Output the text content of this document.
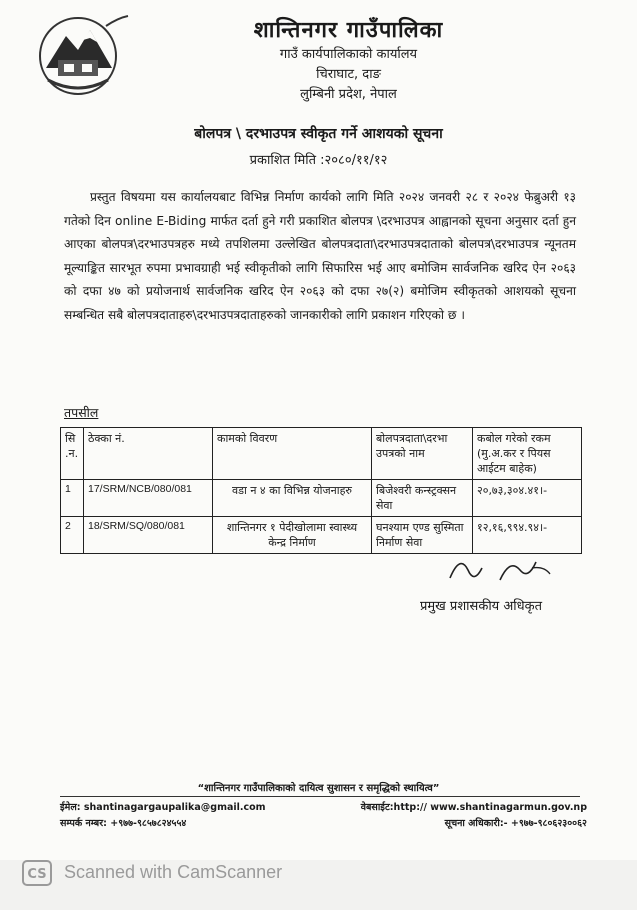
शान्तिनगर गाउँपालिका
गाउँ कार्यपालिकाको कार्यालय
चिराघाट, दाङ
लुम्बिनी प्रदेश, नेपाल
बोलपत्र \ दरभाउपत्र स्वीकृत गर्ने आशयको सूचना
प्रकाशित मिति :२०८०/११/१२
प्रस्तुत विषयमा यस कार्यालयबाट विभिन्न निर्माण कार्यको लागि मिति २०२४ जनवरी २८ र २०२४ फेब्रुअरी १३ गतेको दिन online E-Biding मार्फत दर्ता हुने गरी प्रकाशित बोलपत्र \दरभाउपत्र आह्वानको सूचना अनुसार दर्ता हुन आएका बोलपत्र\दरभाउपत्रहरु मध्ये तपशिलमा उल्लेखित बोलपत्रदाता\दरभाउपत्रदाताको बोलपत्र\दरभाउपत्र न्यूनतम मूल्याङ्कित सारभूत रुपमा प्रभावग्राही भई स्वीकृतीको लागि सिफारिस भई आए बमोजिम सार्वजनिक खरिद ऐन २०६३ को दफा ४७ को प्रयोजनार्थ सार्वजनिक खरिद ऐन २०६३ को दफा २७(२) बमोजिम स्वीकृतको आशयको सूचना सम्बन्धित सबै बोलपत्रदाताहरु\दरभाउपत्रदाताहरुको जानकारीको लागि प्रकाशन गरिएको छ ।
तपसील
सि .न.	ठेक्का नं.	कामको विवरण	बोलपत्रदाता\दरभा उपत्रको नाम	कबोल गरेको रकम (मु.अ.कर र पियस आईटम बाहेक)
1	17/SRM/NCB/080/081	वडा न ४ का विभिन्न योजनाहरु	बिजेश्वरी कन्स्ट्रक्सन सेवा	२०,७३,३०४.४१।-
2	18/SRM/SQ/080/081	शान्तिनगर १ पेदीखोलामा स्वास्थ्य केन्द्र निर्माण	घनश्याम एण्ड सुस्मिता निर्माण सेवा	१२,१६,९९४.९४।-
प्रमुख प्रशासकीय अधिकृत
“शान्तिनगर गाउँपालिकाको दायित्व सुशासन र समृद्धिको स्थायित्व”
ईमेल: shantinagargaupalika@gmail.com
सम्पर्क नम्बर: +९७७-९८५७८२४५५४
वेबसाईट:http:// www.shantinagarmun.gov.np
सूचना अधिकारी:- +९७७-९८०६२३००६२
CS Scanned with CamScanner
